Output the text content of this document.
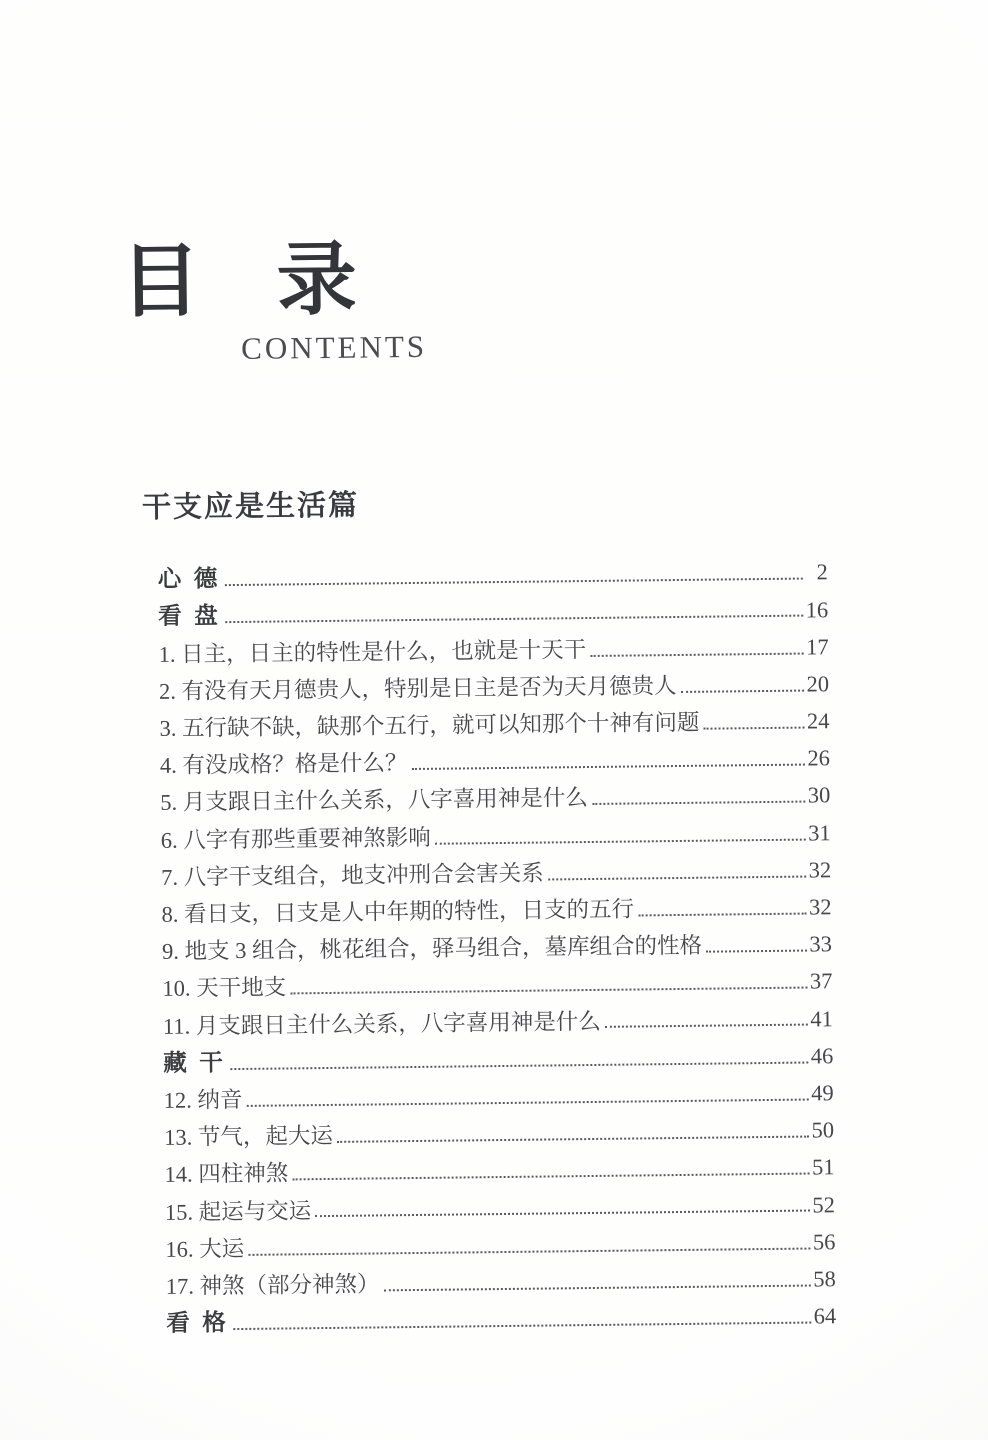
目 录
CONTENTS
干支应是生活篇
心 德	2
看 盘	16
1. 日主，日主的特性是什么，也就是十天干	17
2. 有没有天月德贵人，特别是日主是否为天月德贵人	20
3. 五行缺不缺，缺那个五行，就可以知那个十神有问题	24
4. 有没成格？格是什么？	26
5. 月支跟日主什么关系，八字喜用神是什么	30
6. 八字有那些重要神煞影响	31
7. 八字干支组合，地支冲刑合会害关系	32
8. 看日支，日支是人中年期的特性，日支的五行	32
9. 地支 3 组合，桃花组合，驿马组合，墓库组合的性格	33
10. 天干地支	37
11. 月支跟日主什么关系，八字喜用神是什么	41
藏 干	46
12. 纳音	49
13. 节气，起大运	50
14. 四柱神煞	51
15. 起运与交运	52
16. 大运	56
17. 神煞（部分神煞）	58
看 格	64
